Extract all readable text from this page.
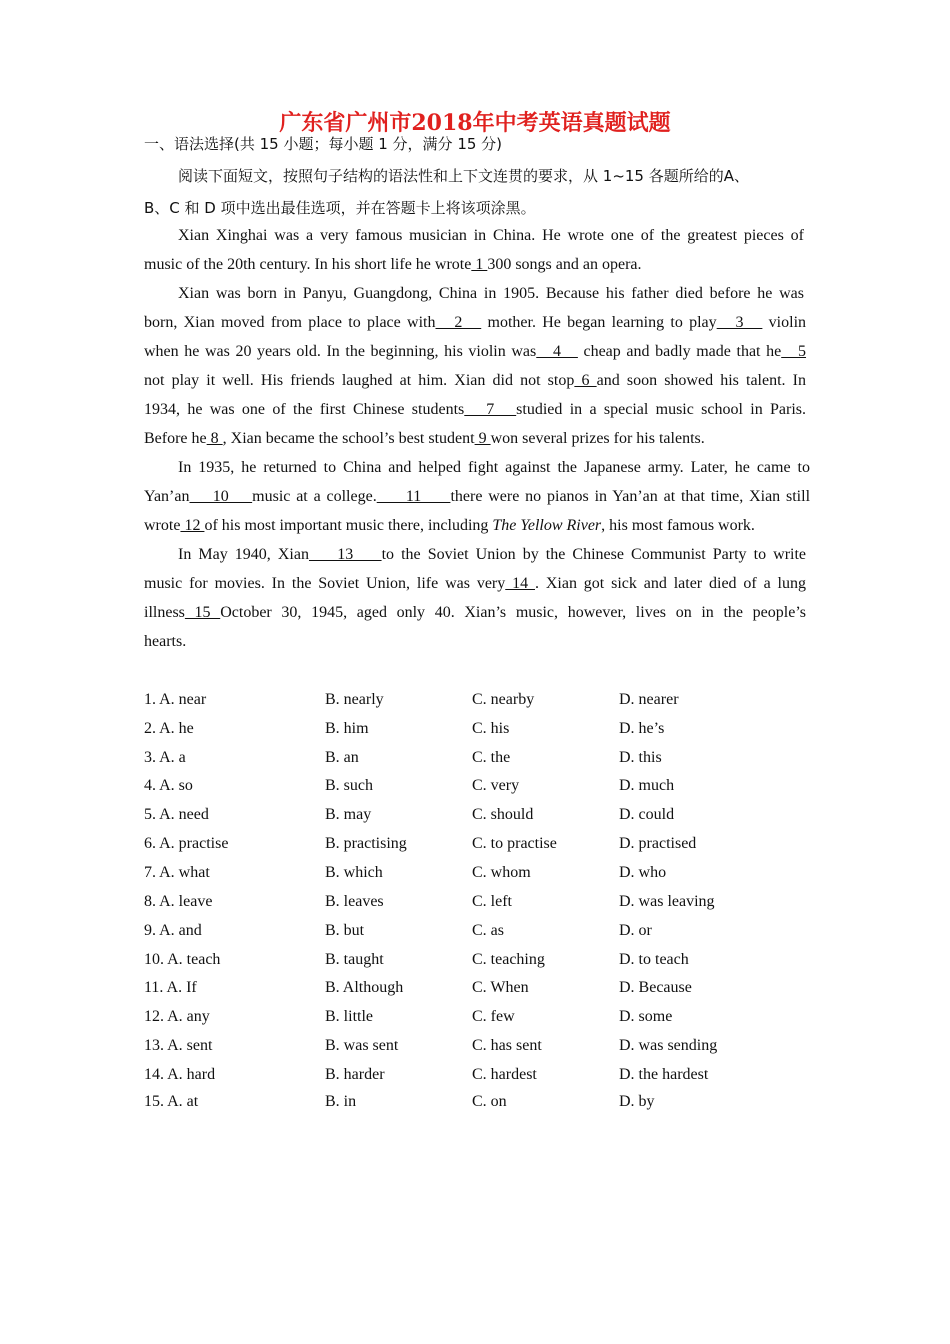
广东省广州市2018年中考英语真题试题
一、语法选择(共 15 小题；每小题 1 分，满分 15 分)
阅读下面短文，按照句子结构的语法性和上下文连贯的要求，从 1~15 各题所给的A、
B、C 和 D 项中选出最佳选项，并在答题卡上将该项涂黑。
Xian Xinghai was a very famous musician in China. He wrote one of the greatest pieces of
music of the 20th century. In his short life he wrote 1 300 songs and an opera.
Xian was born in Panyu, Guangdong, China in 1905. Because his father died before he was
born, Xian moved from place to place with   2    mother. He began learning to play   3    violin
when he was 20 years old. In the beginning, his violin was   4    cheap and badly made that he   5
not play it well. His friends laughed at him. Xian did not stop 6 and soon showed his talent. In
1934, he was one of the first Chinese students   7   studied in a special music school in Paris.
Before he 8 , Xian became the school’s best student 9 won several prizes for his talents.
In 1935, he returned to China and helped fight against the Japanese army. Later, he came to
Yan’an    10    music at a college.     11     there were no pianos in Yan’an at that time, Xian still
wrote 12 of his most important music there, including The Yellow River, his most famous work.
In May 1940, Xian    13    to the Soviet Union by the Chinese Communist Party to write
music for movies. In the Soviet Union, life was very 14 . Xian got sick and later died of a lung
illness 15 October 30, 1945, aged only 40. Xian’s music, however, lives on in the people’s
hearts.
1. A. near	B. nearly	C. nearby	D. nearer
2. A. he	B. him	C. his	D. he’s
3. A. a	B. an	C. the	D. this
4. A. so	B. such	C. very	D. much
5. A. need	B. may	C. should	D. could
6. A. practise	B. practising	C. to practise	D. practised
7. A. what	B. which	C. whom	D. who
8. A. leave	B. leaves	C. left	D. was leaving
9. A. and	B. but	C. as	D. or
10. A. teach	B. taught	C. teaching	D. to teach
11. A. If	B. Although	C. When	D. Because
12. A. any	B. little	C. few	D. some
13. A. sent	B. was sent	C. has sent	D. was sending
14. A. hard	B. harder	C. hardest	D. the hardest
15. A. at	B. in	C. on	D. by
